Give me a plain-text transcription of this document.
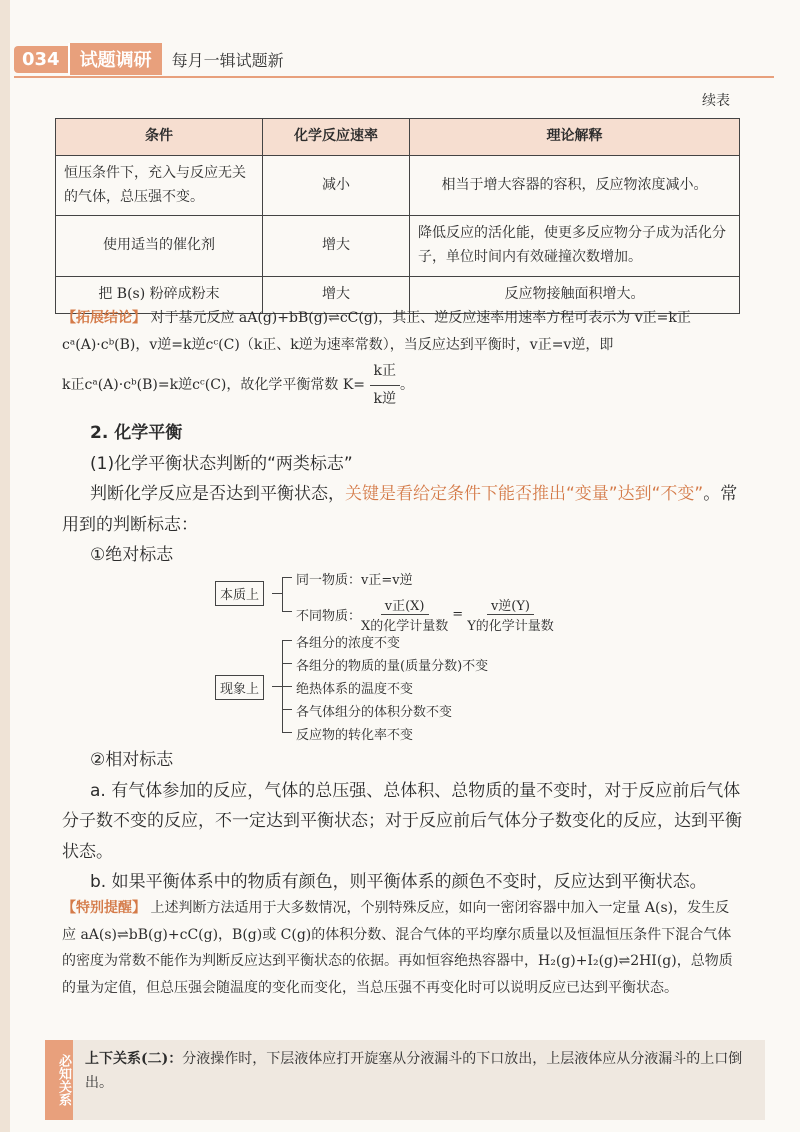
034	试题调研	每月一辑试题新
续表
条件	化学反应速率	理论解释
恒压条件下，充入与反应无关的气体，总压强不变。	减小	相当于增大容器的容积，反应物浓度减小。
使用适当的催化剂	增大	降低反应的活化能，使更多反应物分子成为活化分子，单位时间内有效碰撞次数增加。
把 B(s) 粉碎成粉末	增大	反应物接触面积增大。
【拓展结论】 对于基元反应 aA(g)+bB(g)⇌cC(g)，其正、逆反应速率用速率方程可表示为 v正=k正cᵃ(A)·cᵇ(B)，v逆=k逆cᶜ(C)（k正、k逆为速率常数），当反应达到平衡时，v正=v逆，即
k正cᵃ(A)·cᵇ(B)=k逆cᶜ(C)，故化学平衡常数 $K= \frac{\text{k正}}{\text{k逆}}$ 。
2. 化学平衡
(1)化学平衡状态判断的“两类标志”
判断化学反应是否达到平衡状态，关键是看给定条件下能否推出“变量”达到“不变”。常用到的判断标志：
①绝对标志
本质上
同一物质：v正=v逆
不同物质： $\frac{\text{v正(X)}}{\text{X的化学计量数}} = \frac{\text{v逆(Y)}}{\text{Y的化学计量数}}$
现象上
各组分的浓度不变
各组分的物质的量(质量分数)不变
绝热体系的温度不变
各气体组分的体积分数不变
反应物的转化率不变
②相对标志
a. 有气体参加的反应，气体的总压强、总体积、总物质的量不变时，对于反应前后气体分子数不变的反应，不一定达到平衡状态；对于反应前后气体分子数变化的反应，达到平衡状态。
b. 如果平衡体系中的物质有颜色，则平衡体系的颜色不变时，反应达到平衡状态。
【特别提醒】 上述判断方法适用于大多数情况，个别特殊反应，如向一密闭容器中加入一定量 A(s)，发生反应 aA(s)⇌bB(g)+cC(g)，B(g)或 C(g)的体积分数、混合气体的平均摩尔质量以及恒温恒压条件下混合气体的密度为常数不能作为判断反应达到平衡状态的依据。再如恒容绝热容器中，H₂(g)+I₂(g)⇌2HI(g)，总物质的量为定值，但总压强会随温度的变化而变化，当总压强不再变化时可以说明反应已达到平衡状态。
必知关系 上下关系(二)：分液操作时，下层液体应打开旋塞从分液漏斗的下口放出，上层液体应从分液漏斗的上口倒出。
